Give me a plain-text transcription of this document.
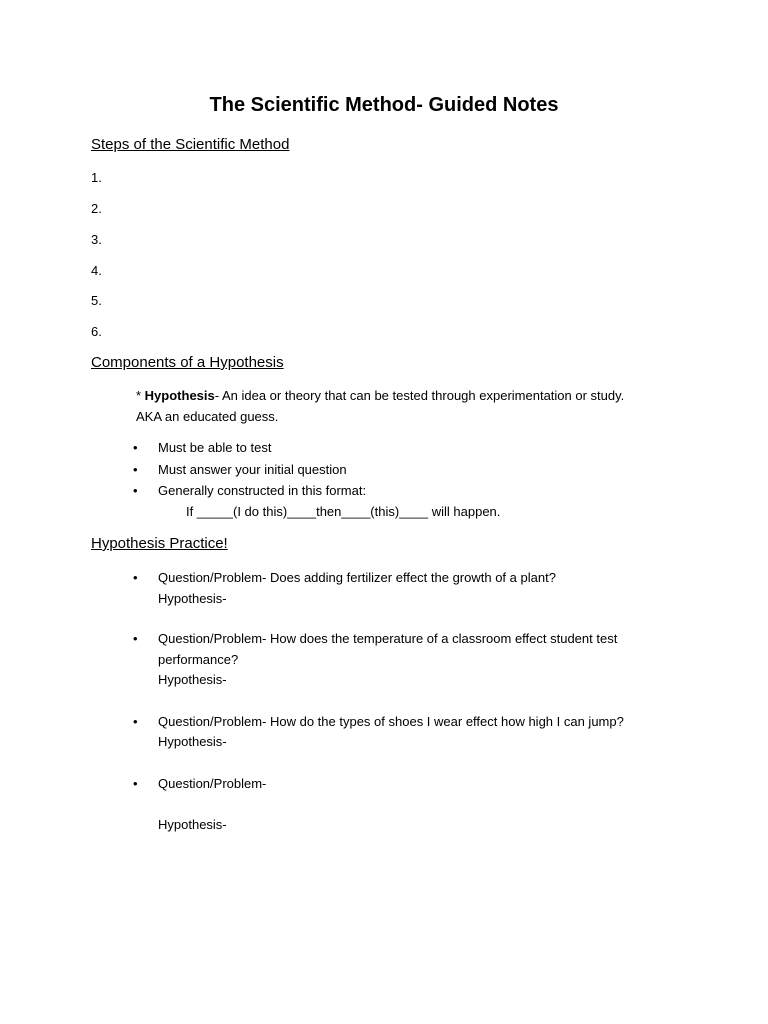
The Scientific Method- Guided Notes
Steps of the Scientific Method
1.
2.
3.
4.
5.
6.
Components of a Hypothesis
* Hypothesis- An idea or theory that can be tested through experimentation or study.
AKA an educated guess.
• Must be able to test
• Must answer your initial question
• Generally constructed in this format:
If _____(I do this)____then____(this)____ will happen.
Hypothesis Practice!
• Question/Problem- Does adding fertilizer effect the growth of a plant?
Hypothesis-
• Question/Problem- How does the temperature of a classroom effect student test
performance?
Hypothesis-
• Question/Problem- How do the types of shoes I wear effect how high I can jump?
Hypothesis-
• Question/Problem-
Hypothesis-
